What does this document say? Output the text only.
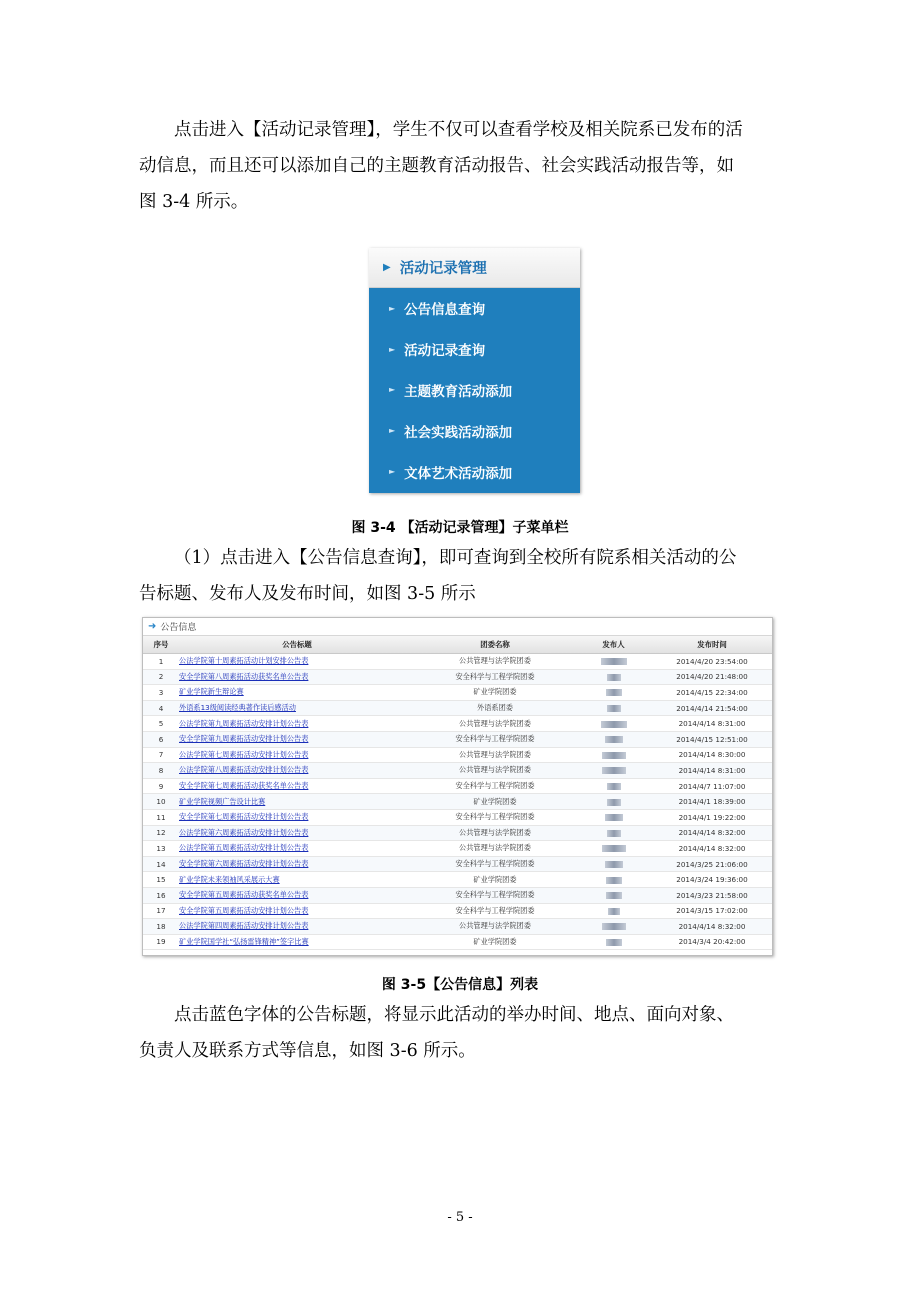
点击进入【活动记录管理】，学生不仅可以查看学校及相关院系已发布的活
动信息，而且还可以添加自己的主题教育活动报告、社会实践活动报告等，如
图 3-4 所示。
▶ 活动记录管理
► 公告信息查询
► 活动记录查询
► 主题教育活动添加
► 社会实践活动添加
► 文体艺术活动添加
图 3-4 【活动记录管理】子菜单栏
（1）点击进入【公告信息查询】，即可查询到全校所有院系相关活动的公
告标题、发布人及发布时间，如图 3-5 所示
➜ 公告信息
序号	公告标题	团委名称	发布人	发布时间
1	公法学院第十周素拓活动计划安排公告表	公共管理与法学院团委		2014/4/20 23:54:00
2	安全学院第八周素拓活动获奖名单公告表	安全科学与工程学院团委		2014/4/20 21:48:00
3	矿业学院新生辩论赛	矿业学院团委		2014/4/15 22:34:00
4	外语系13级阅读经典著作读后感活动	外语系团委		2014/4/14 21:54:00
5	公法学院第九周素拓活动安排计划公告表	公共管理与法学院团委		2014/4/14 8:31:00
6	安全学院第九周素拓活动安排计划公告表	安全科学与工程学院团委		2014/4/15 12:51:00
7	公法学院第七周素拓活动安排计划公告表	公共管理与法学院团委		2014/4/14 8:30:00
8	公法学院第八周素拓活动安排计划公告表	公共管理与法学院团委		2014/4/14 8:31:00
9	安全学院第七周素拓活动获奖名单公告表	安全科学与工程学院团委		2014/4/7 11:07:00
10	矿业学院视频广告设计比赛	矿业学院团委		2014/4/1 18:39:00
11	安全学院第七周素拓活动安排计划公告表	安全科学与工程学院团委		2014/4/1 19:22:00
12	公法学院第六周素拓活动安排计划公告表	公共管理与法学院团委		2014/4/14 8:32:00
13	公法学院第五周素拓活动安排计划公告表	公共管理与法学院团委		2014/4/14 8:32:00
14	安全学院第六周素拓活动安排计划公告表	安全科学与工程学院团委		2014/3/25 21:06:00
15	矿业学院未来领袖风采展示大赛	矿业学院团委		2014/3/24 19:36:00
16	安全学院第五周素拓活动获奖名单公告表	安全科学与工程学院团委		2014/3/23 21:58:00
17	安全学院第五周素拓活动安排计划公告表	安全科学与工程学院团委		2014/3/15 17:02:00
18	公法学院第四周素拓活动安排计划公告表	公共管理与法学院团委		2014/4/14 8:32:00
19	矿业学院国学社“弘扬雷锋精神”签字比赛	矿业学院团委		2014/3/4 20:42:00
图 3-5【公告信息】列表
点击蓝色字体的公告标题，将显示此活动的举办时间、地点、面向对象、
负责人及联系方式等信息，如图 3-6 所示。
- 5 -
